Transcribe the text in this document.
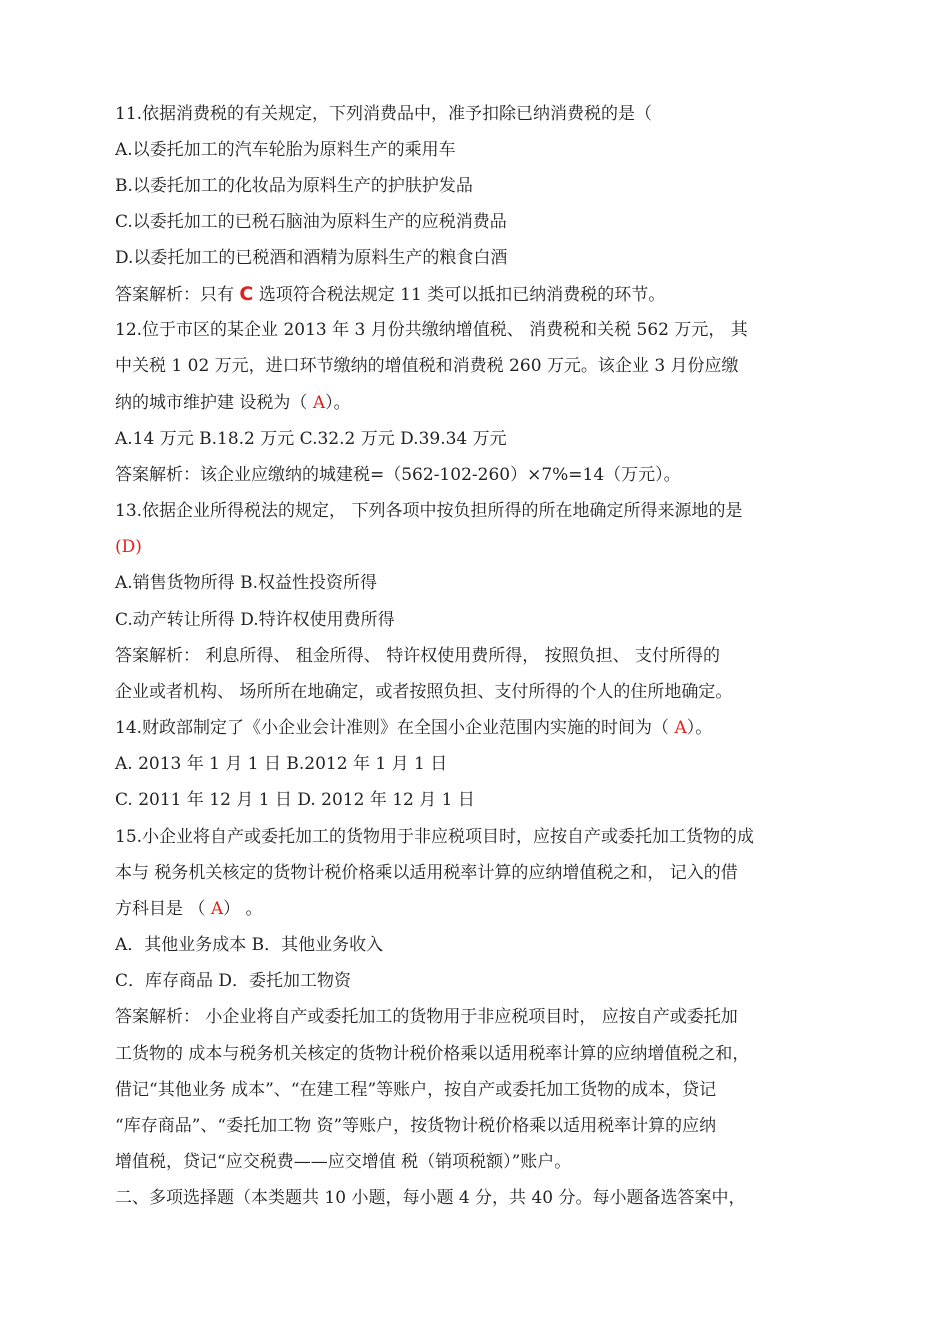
11.依据消费税的有关规定，下列消费品中，准予扣除已纳消费税的是（
A.以委托加工的汽车轮胎为原料生产的乘用车
B.以委托加工的化妆品为原料生产的护肤护发品
C.以委托加工的已税石脑油为原料生产的应税消费品
D.以委托加工的已税酒和酒精为原料生产的粮食白酒
答案解析：只有 C 选项符合税法规定 11 类可以抵扣已纳消费税的环节。
12.位于市区的某企业 2013 年 3 月份共缴纳增值税、 消费税和关税 562 万元， 其
中关税 1 02 万元，进口环节缴纳的增值税和消费税 260 万元。该企业 3 月份应缴
纳的城市维护建 设税为（ A）。
A.14 万元 B.18.2 万元 C.32.2 万元 D.39.34 万元
答案解析：该企业应缴纳的城建税=（562-102-260）×7%=14（万元）。
13.依据企业所得税法的规定， 下列各项中按负担所得的所在地确定所得来源地的是
(D)
A.销售货物所得 B.权益性投资所得
C.动产转让所得 D.特许权使用费所得
答案解析： 利息所得、 租金所得、 特许权使用费所得， 按照负担、 支付所得的
企业或者机构、 场所所在地确定，或者按照负担、支付所得的个人的住所地确定。
14.财政部制定了《小企业会计准则》在全国小企业范围内实施的时间为（ A）。
A. 2013 年 1 月 1 日 B.2012 年 1 月 1 日
C. 2011 年 12 月 1 日 D. 2012 年 12 月 1 日
15.小企业将自产或委托加工的货物用于非应税项目时，应按自产或委托加工货物的成
本与 税务机关核定的货物计税价格乘以适用税率计算的应纳增值税之和， 记入的借
方科目是 （ A） 。
A．其他业务成本 B．其他业务收入
C．库存商品 D．委托加工物资
答案解析： 小企业将自产或委托加工的货物用于非应税项目时， 应按自产或委托加
工货物的 成本与税务机关核定的货物计税价格乘以适用税率计算的应纳增值税之和，
借记“其他业务 成本”、“在建工程”等账户，按自产或委托加工货物的成本，贷记
“库存商品”、“委托加工物 资”等账户，按货物计税价格乘以适用税率计算的应纳
增值税，贷记“应交税费——应交增值 税（销项税额）”账户。
二、多项选择题（本类题共 10 小题，每小题 4 分，共 40 分。每小题备选答案中，
